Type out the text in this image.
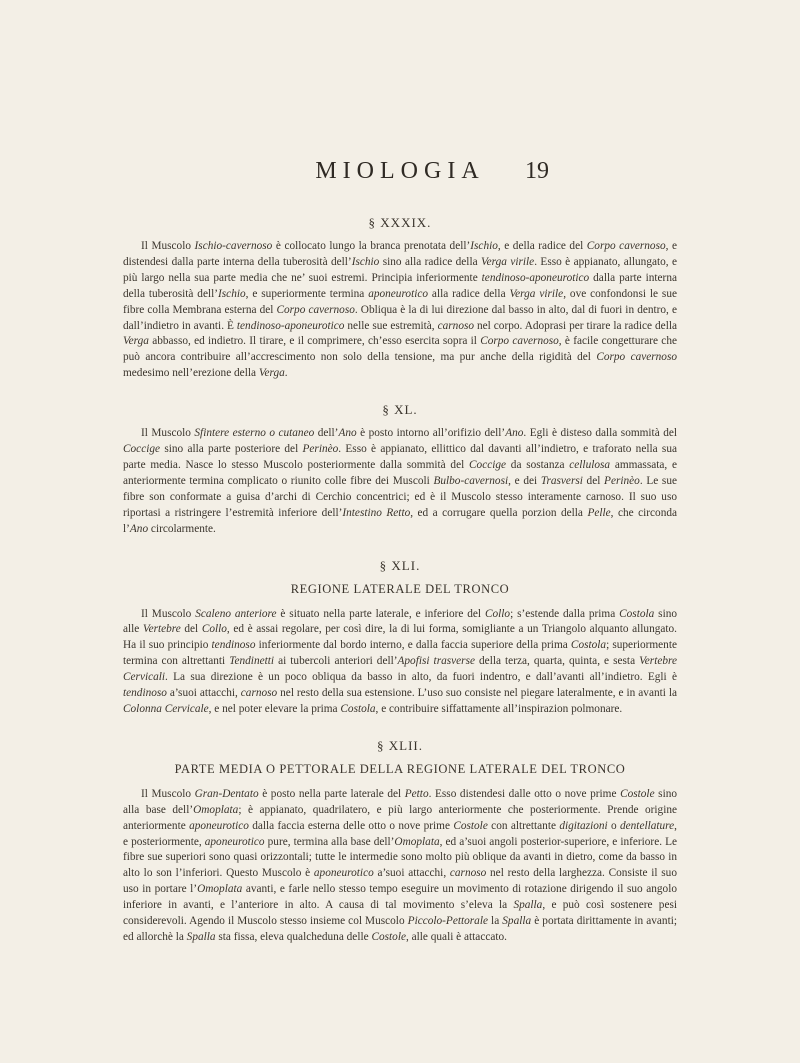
MIOLOGIA	19
§ XXXIX.

Il Muscolo Ischio-cavernoso è collocato lungo la branca prenotata dell’Ischio, e della radice del Corpo cavernoso, e distendesi dalla parte interna della tuberosità dell’Ischio sino alla radice della Verga virile. Esso è appianato, allungato, e più largo nella sua parte media che ne’ suoi estremi. Principia inferiormente tendinoso-aponeurotico dalla parte interna della tuberosità dell’Ischio, e superiormente termina aponeurotico alla radice della Verga virile, ove confondonsi le sue fibre colla Membrana esterna del Corpo cavernoso. Obliqua è la di lui direzione dal basso in alto, dal di fuori in dentro, e dall’indietro in avanti. È tendinoso-aponeurotico nelle sue estremità, carnoso nel corpo. Adoprasi per tirare la radice della Verga abbasso, ed indietro. Il tirare, e il comprimere, ch’esso esercita sopra il Corpo cavernoso, è facile congetturare che può ancora contribuire all’accrescimento non solo della tensione, ma pur anche della rigidità del Corpo cavernoso medesimo nell’erezione della Verga.

§ XL.

Il Muscolo Sfintere esterno o cutaneo dell’Ano è posto intorno all’orifizio dell’Ano. Egli è disteso dalla sommità del Coccige sino alla parte posteriore del Perinèo. Esso è appianato, ellittico dal davanti all’indietro, e traforato nella sua parte media. Nasce lo stesso Muscolo posteriormente dalla sommità del Coccige da sostanza cellulosa ammassata, e anteriormente termina complicato o riunito colle fibre dei Muscoli Bulbo-cavernosi, e dei Trasversi del Perinèo. Le sue fibre son conformate a guisa d’archi di Cerchio concentrici; ed è il Muscolo stesso interamente carnoso. Il suo uso riportasi a ristringere l’estremità inferiore dell’Intestino Retto, ed a corrugare quella porzion della Pelle, che circonda l’Ano circolarmente.

§ XLI.
REGIONE LATERALE DEL TRONCO

Il Muscolo Scaleno anteriore è situato nella parte laterale, e inferiore del Collo; s’estende dalla prima Costola sino alle Vertebre del Collo, ed è assai regolare, per così dire, la di lui forma, somigliante a un Triangolo alquanto allungato. Ha il suo principio tendinoso inferiormente dal bordo interno, e dalla faccia superiore della prima Costola; superiormente termina con altrettanti Tendinetti ai tubercoli anteriori dell’Apofisi trasverse della terza, quarta, quinta, e sesta Vertebre Cervicali. La sua direzione è un poco obliqua da basso in alto, da fuori indentro, e dall’avanti all’indietro. Egli è tendinoso a’suoi attacchi, carnoso nel resto della sua estensione. L’uso suo consiste nel piegare lateralmente, e in avanti la Colonna Cervicale, e nel poter elevare la prima Costola, e contribuire siffattamente all’inspirazion polmonare.

§ XLII.
PARTE MEDIA O PETTORALE DELLA REGIONE LATERALE DEL TRONCO

Il Muscolo Gran-Dentato è posto nella parte laterale del Petto. Esso distendesi dalle otto o nove prime Costole sino alla base dell’Omoplata; è appianato, quadrilatero, e più largo anteriormente che posteriormente. Prende origine anteriormente aponeurotico dalla faccia esterna delle otto o nove prime Costole con altrettante digitazioni o dentellature, e posteriormente, aponeurotico pure, termina alla base dell’Omoplata, ed a’suoi angoli posterior-superiore, e inferiore. Le fibre sue superiori sono quasi orizzontali; tutte le intermedie sono molto più oblique da avanti in dietro, come da basso in alto lo son l’inferiori. Questo Muscolo è aponeurotico a’suoi attacchi, carnoso nel resto della larghezza. Consiste il suo uso in portare l’Omoplata avanti, e farle nello stesso tempo eseguire un movimento di rotazione dirigendo il suo angolo inferiore in avanti, e l’anteriore in alto. A causa di tal movimento s’eleva la Spalla, e può così sostenere pesi considerevoli. Agendo il Muscolo stesso insieme col Muscolo Piccolo-Pettorale la Spalla è portata dirittamente in avanti; ed allorchè la Spalla sta fissa, eleva qualcheduna delle Costole, alle quali è attaccato.
